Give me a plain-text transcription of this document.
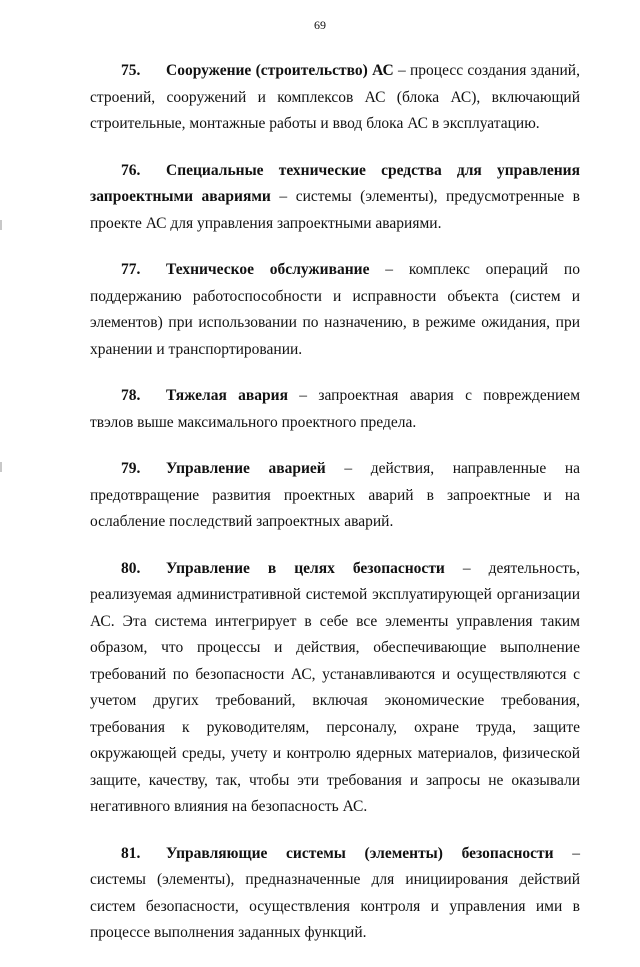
69

75. Сооружение (строительство) АС – процесс создания зданий, строений, сооружений и комплексов АС (блока АС), включающий строительные, монтажные работы и ввод блока АС в эксплуатацию.

76. Специальные технические средства для управления запроектными авариями – системы (элементы), предусмотренные в проекте АС для управления запроектными авариями.

77. Техническое обслуживание – комплекс операций по поддержанию работоспособности и исправности объекта (систем и элементов) при использовании по назначению, в режиме ожидания, при хранении и транспортировании.

78. Тяжелая авария – запроектная авария с повреждением твэлов выше максимального проектного предела.

79. Управление аварией – действия, направленные на предотвращение развития проектных аварий в запроектные и на ослабление последствий запроектных аварий.

80. Управление в целях безопасности – деятельность, реализуемая административной системой эксплуатирующей организации АС. Эта система интегрирует в себе все элементы управления таким образом, что процессы и действия, обеспечивающие выполнение требований по безопасности АС, устанавливаются и осуществляются с учетом других требований, включая экономические требования, требования к руководителям, персоналу, охране труда, защите окружающей среды, учету и контролю ядерных материалов, физической защите, качеству, так, чтобы эти требования и запросы не оказывали негативного влияния на безопасность АС.

81. Управляющие системы (элементы) безопасности – системы (элементы), предназначенные для инициирования действий систем безопасности, осуществления контроля и управления ими в процессе выполнения заданных функций.
